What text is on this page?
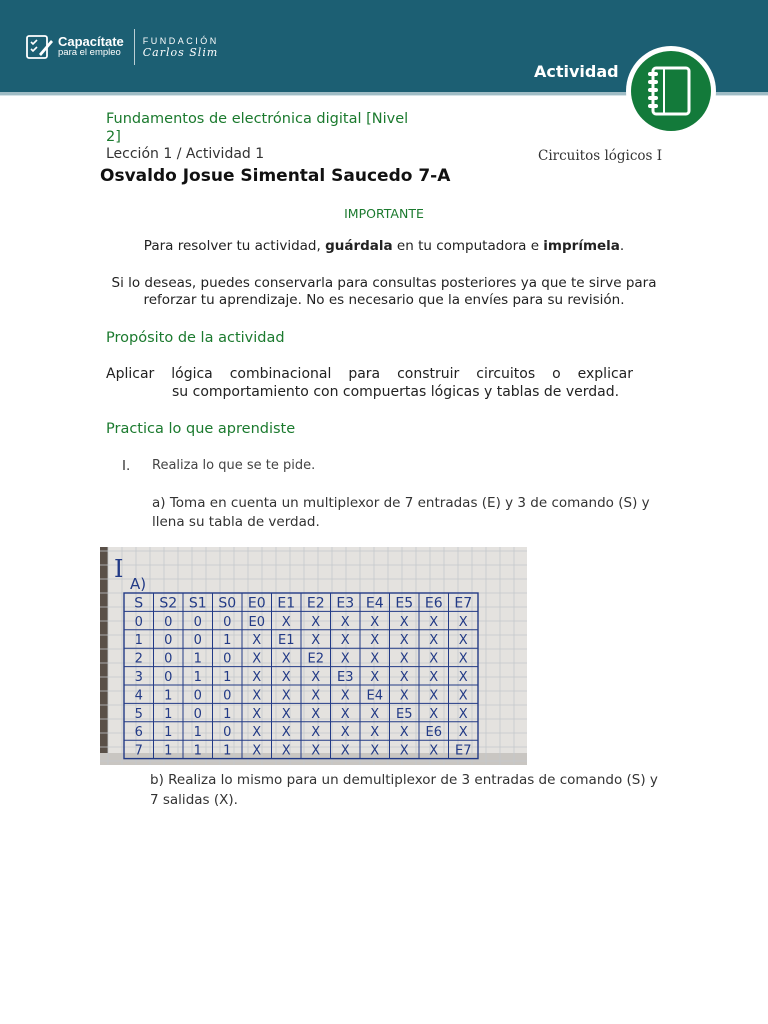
Capacítate
para el empleo
FUNDACIÓN
Carlos Slim
Actividad
Fundamentos de electrónica digital [Nivel 2]
Lección 1 / Actividad 1	Circuitos lógicos I
Osvaldo Josue Simental Saucedo 7-A
IMPORTANTE
Para resolver tu actividad, guárdala en tu computadora e imprímela.
Si lo deseas, puedes conservarla para consultas posteriores ya que te sirve para reforzar tu aprendizaje. No es necesario que la envíes para su revisión.
Propósito de la actividad
Aplicar lógica combinacional para construir circuitos o explicar
su comportamiento con compuertas lógicas y tablas de verdad.
Practica lo que aprendiste
I. Realiza lo que se te pide.
a) Toma en cuenta un multiplexor de 7 entradas (E) y 3 de comando (S) y llena su tabla de verdad.
I
A)
S S2 S1 S0 E0 E1 E2 E3 E4 E5 E6 E7
0 0 0 0 E0 X X X X X X X
1 0 0 1 X E1 X X X X X X
2 0 1 0 X X E2 X X X X X
3 0 1 1 X X X E3 X X X X
4 1 0 0 X X X X E4 X X X
5 1 0 1 X X X X X E5 X X
6 1 1 0 X X X X X X E6 X
7 1 1 1 X X X X X X X E7
b) Realiza lo mismo para un demultiplexor de 3 entradas de comando (S) y 7 salidas (X).
